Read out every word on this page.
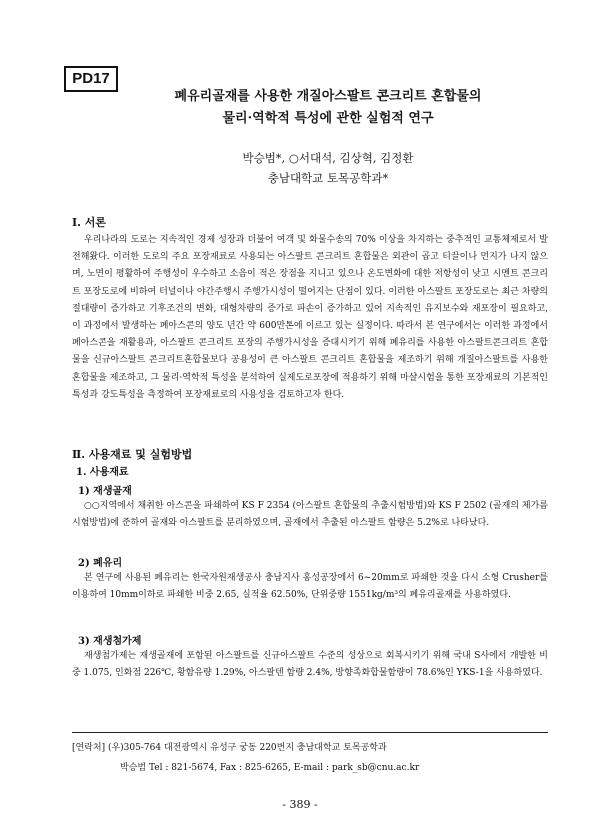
PD17
폐유리골재를 사용한 개질아스팔트 콘크리트 혼합물의
물리·역학적 특성에 관한 실험적 연구
박승범*, ○서대석, 김상혁, 김정환
충남대학교 토목공학과*
Ⅰ. 서론
우리나라의 도로는 지속적인 경제 성장과 더불어 여객 및 화물수송의 70% 이상을 차지하는 중추적인 교통체제로서 발전해왔다. 이러한 도로의 주요 포장재료로 사용되는 아스팔트 콘크리트 혼합물은 외관이 곱고 티끌이나 먼지가 나지 않으며, 노면이 평활하여 주행성이 우수하고 소음이 적은 장점을 지니고 있으나 온도변화에 대한 저항성이 낮고 시멘트 콘크리트 포장도로에 비하여 터널이나 야간주행시 주행가시성이 떨어지는 단점이 있다. 이러한 아스팔트 포장도로는 최근 차량의 절대량이 증가하고 기후조건의 변화, 대형차량의 증가로 파손이 증가하고 있어 지속적인 유지보수와 재포장이 필요하고, 이 과정에서 발생하는 폐아스콘의 양도 년간 약 600만톤에 이르고 있는 실정이다. 따라서 본 연구에서는 이러한 과정에서 폐아스콘을 재활용과, 아스팔트 콘크리트 포장의 주행가시성을 증대시키기 위해 폐유리를 사용한 아스팔트콘크리트 혼합물을 신규아스팔트 콘크리트혼합물보다 공용성이 큰 아스팔트 콘크리트 혼합물을 제조하기 위해 개질아스팔트를 사용한 혼합물을 제조하고, 그 물리·역학적 특성을 분석하여 실제도로포장에 적용하기 위해 마샬시험을 통한 포장재료의 기본적인 특성과 강도특성을 측정하여 포장재료로의 사용성을 검토하고자 한다.
Ⅱ. 사용재료 및 실험방법
1. 사용재료
1) 재생골재
○○지역에서 채취한 아스콘을 파쇄하여 KS F 2354 (아스팔트 혼합물의 추출시험방법)와 KS F 2502 (골재의 체가름시험방법)에 준하여 골재와 아스팔트를 분리하였으며, 골재에서 추출된 아스팔트 함량은 5.2%로 나타났다.
2) 폐유리
본 연구에 사용된 폐유리는 한국자원재생공사 충남지사 홍성공장에서 6~20mm로 파쇄한 것을 다시 소형 Crusher를 이용하여 10mm이하로 파쇄한 비중 2.65, 실적율 62.50%, 단위중량 1551kg/m³의 폐유리골재를 사용하였다.
3) 재생첨가제
재생첨가제는 재생골재에 포함된 아스팔트를 신규아스팔트 수준의 성상으로 회복시키기 위해 국내 S사에서 개발한 비중 1.075, 인화점 226℃, 황함유량 1.29%, 아스팔텐 함량 2.4%, 방향족화합물함량이 78.6%인 YKS-1을 사용하였다.
[연락처] (우)305-764 대전광역시 유성구 궁동 220번지 충남대학교 토목공학과
박승범 Tel : 821-5674, Fax : 825-6265, E-mail : park_sb@cnu.ac.kr
- 389 -
